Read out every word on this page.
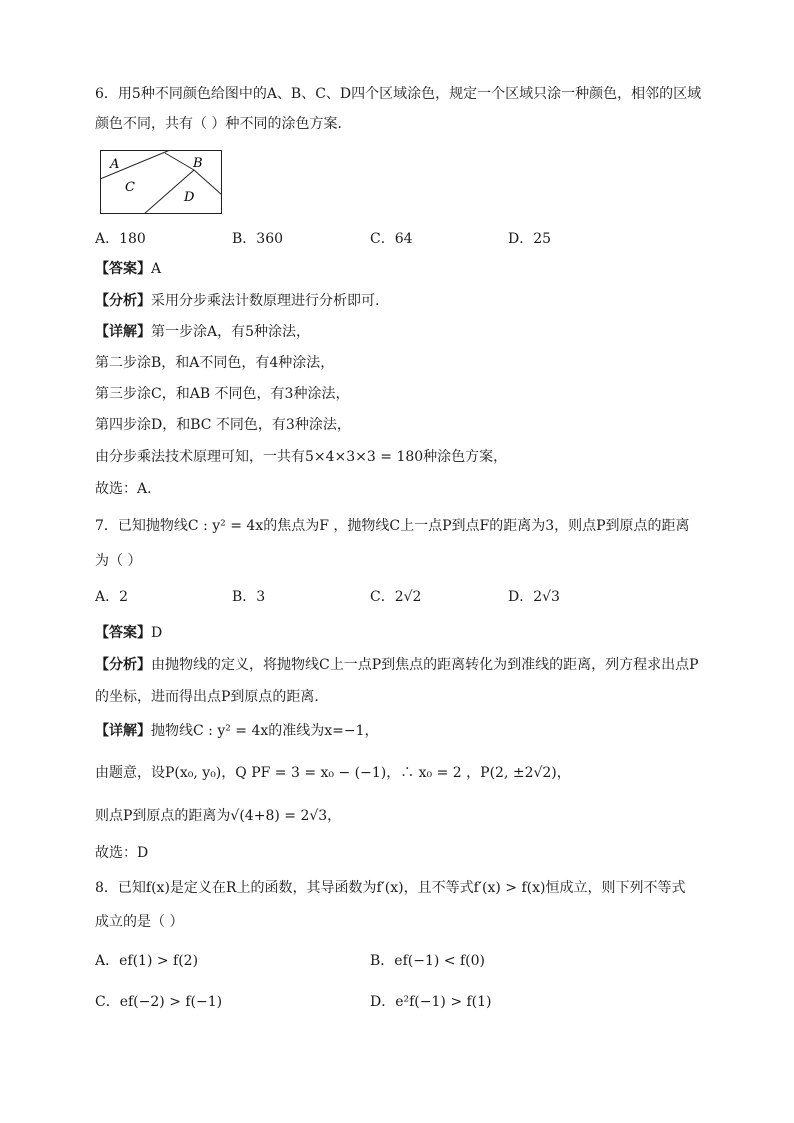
6．用5种不同颜色给图中的A、B、C、D四个区域涂色，规定一个区域只涂一种颜色，相邻的区域
颜色不同，共有（ ）种不同的涂色方案．
A	B
C
D
A．180	B．360	C．64	D．25
【答案】A
【分析】采用分步乘法计数原理进行分析即可.
【详解】第一步涂A，有5种涂法，
第二步涂B，和A不同色，有4种涂法，
第三步涂C，和AB 不同色，有3种涂法，
第四步涂D，和BC 不同色，有3种涂法，
由分步乘法技术原理可知，一共有5×4×3×3 = 180种涂色方案，
故选：A.
7．已知抛物线C : y² = 4x的焦点为F ，抛物线C上一点P到点F的距离为3，则点P到原点的距离
为（ ）
A．2	B．3	C．2√2	D．2√3
【答案】D
【分析】由抛物线的定义，将抛物线C上一点P到焦点的距离转化为到准线的距离，列方程求出点P
的坐标，进而得出点P到原点的距离．
【详解】抛物线C : y² = 4x的准线为x=−1，
由题意，设P(x₀, y₀)，Q PF = 3 = x₀ − (−1)，∴ x₀ = 2 ，P(2, ±2√2)，
则点P到原点的距离为√(4+8) = 2√3，
故选：D
8．已知f(x)是定义在R上的函数，其导函数为f′(x)，且不等式f′(x) > f(x)恒成立，则下列不等式
成立的是（ ）
A．ef(1) > f(2)	B．ef(−1) < f(0)
C．ef(−2) > f(−1)	D．e²f(−1) > f(1)
